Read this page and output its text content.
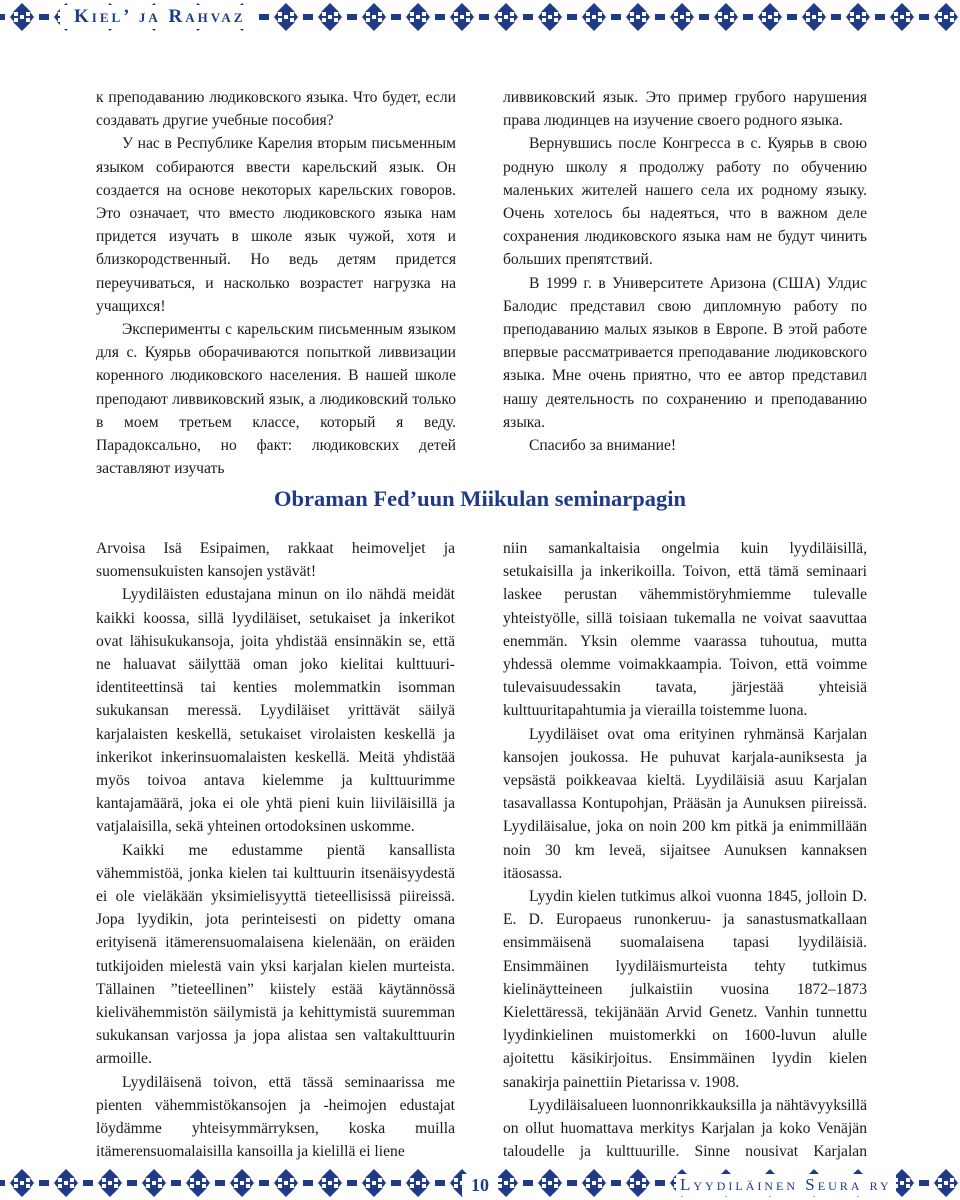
Kiel’ ja Rahvaz

к преподаванию людиковского языка. Что будет, если создавать другие учебные пособия?

У нас в Республике Карелия вторым письменным языком собираются ввести карельский язык. Он создается на основе некоторых карельских говоров. Это означает, что вместо людиковского языка нам придется изучать в школе язык чужой, хотя и близкородственный. Но ведь детям придется переучиваться, и насколько возрастет нагрузка на учащихся!

Эксперименты с карельским письменным языком для с. Куярьв оборачиваются попыткой ливвизации коренного людиковского населения. В нашей школе преподают ливвиковский язык, а людиковский только в моем третьем классе, который я веду. Парадоксально, но факт: людиковских детей заставляют изучать

ливвиковский язык. Это пример грубого нарушения права людинцев на изучение своего родного языка.

Вернувшись после Конгресса в с. Куярьв в свою родную школу я продолжу работу по обучению маленьких жителей нашего села их родному языку. Очень хотелось бы надеяться, что в важном деле сохранения людиковского языка нам не будут чинить больших препятствий.

В 1999 г. в Университете Аризона (США) Улдис Балодис представил свою дипломную работу по преподаванию малых языков в Европе. В этой работе впервые рассматривается преподавание людиковского языка. Мне очень приятно, что ее автор представил нашу деятельность по сохранению и преподаванию языка.

Спасибо за внимание!

Obraman Fed’uun Miikulan seminarpagin

Arvoisa Isä Esipaimen, rakkaat heimoveljet ja suomensukuisten kansojen ystävät!

Lyydiläisten edustajana minun on ilo nähdä meidät kaikki koossa, sillä lyydiläiset, setukaiset ja inkerikot ovat lähisukukansoja, joita yhdistää ensinnäkin se, että ne haluavat säilyttää oman joko kielitai kulttuuri-identiteettinsä tai kenties molemmatkin isomman sukukansan meressä. Lyydiläiset yrittävät säilyä karjalaisten keskellä, setukaiset virolaisten keskellä ja inkerikot inkerinsuomalaisten keskellä. Meitä yhdistää myös toivoa antava kielemme ja kulttuurimme kantajamäärä, joka ei ole yhtä pieni kuin liiviläisillä ja vatjalaisilla, sekä yhteinen ortodoksinen uskomme.

Kaikki me edustamme pientä kansallista vähemmistöä, jonka kielen tai kulttuurin itsenäisyydestä ei ole vieläkään yksimielisyyttä tieteellisissä piireissä. Jopa lyydikin, jota perinteisesti on pidetty omana erityisenä itämerensuomalaisena kielenään, on eräiden tutkijoiden mielestä vain yksi karjalan kielen murteista. Tällainen ”tieteellinen” kiistely estää käytännössä kielivähemmistön säilymistä ja kehittymistä suuremman sukukansan varjossa ja jopa alistaa sen valtakulttuurin armoille.

Lyydiläisenä toivon, että tässä seminaarissa me pienten vähemmistökansojen ja -heimojen edustajat löydämme yhteisymmärryksen, koska muilla itämerensuomalaisilla kansoilla ja kielillä ei liene

niin samankaltaisia ongelmia kuin lyydiläisillä, setukaisilla ja inkerikoilla. Toivon, että tämä seminaari laskee perustan vähemmistöryhmiemme tulevalle yhteistyölle, sillä toisiaan tukemalla ne voivat saavuttaa enemmän. Yksin olemme vaarassa tuhoutua, mutta yhdessä olemme voimakkaampia. Toivon, että voimme tulevaisuudessakin tavata, järjestää yhteisiä kulttuuritapahtumia ja vierailla toistemme luona.

Lyydiläiset ovat oma erityinen ryhmänsä Karjalan kansojen joukossa. He puhuvat karjala-auniksesta ja vepsästä poikkeavaa kieltä. Lyydiläisiä asuu Karjalan tasavallassa Kontupohjan, Prääsän ja Aunuksen piireissä. Lyydiläisalue, joka on noin 200 km pitkä ja enimmillään noin 30 km leveä, sijaitsee Aunuksen kannaksen itäosassa.

Lyydin kielen tutkimus alkoi vuonna 1845, jolloin D. E. D. Europaeus runonkeruu- ja sanastusmatkallaan ensimmäisenä suomalaisena tapasi lyydiläisiä. Ensimmäinen lyydiläismurteista tehty tutkimus kielinäytteineen julkaistiin vuosina 1872–1873 Kielettäressä, tekijänään Arvid Genetz. Vanhin tunnettu lyydinkielinen muistomerkki on 1600-luvun alulle ajoitettu käsikirjoitus. Ensimmäinen lyydin kielen sanakirja painettiin Pietarissa v. 1908.

Lyydiläisalueen luonnonrikkauksilla ja nähtävyyksillä on ollut huomattava merkitys Karjalan ja koko Venäjän taloudelle ja kulttuurille. Sinne nousivat Karjalan

10	Lyydiläinen Seura ry
